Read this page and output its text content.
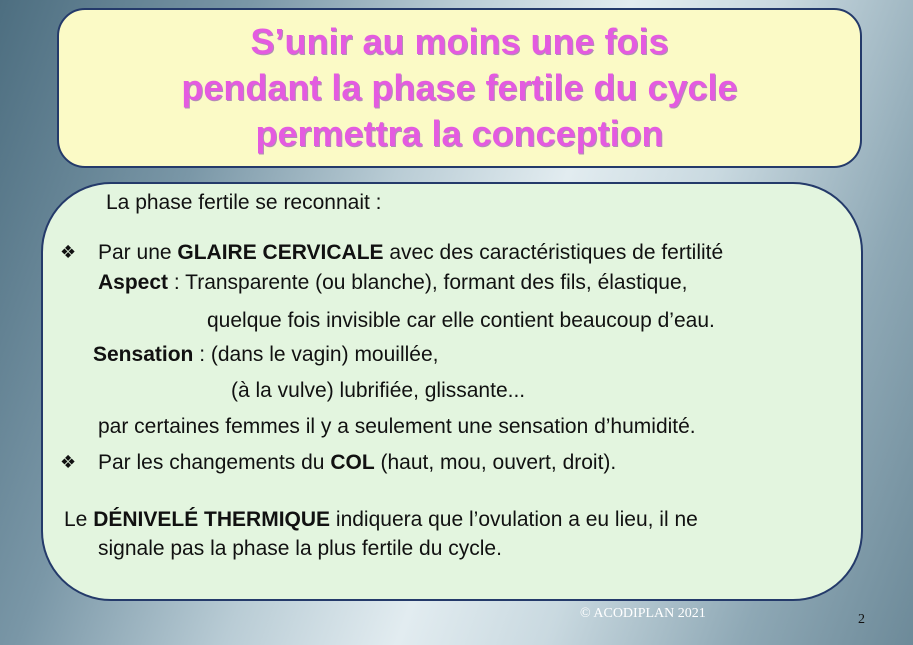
S’unir au moins une fois
pendant la phase fertile du cycle
permettra la conception
La phase fertile se reconnait :
❖ Par une GLAIRE CERVICALE avec des caractéristiques de fertilité
Aspect : Transparente (ou blanche), formant des fils, élastique,
quelque fois invisible car elle contient beaucoup d’eau.
Sensation : (dans le vagin) mouillée,
(à la vulve) lubrifiée, glissante...
par certaines femmes il y a seulement une sensation d’humidité.
❖ Par les changements du COL (haut, mou, ouvert, droit).
Le DÉNIVELÉ THERMIQUE indiquera que l’ovulation a eu lieu, il ne
signale pas la phase la plus fertile du cycle.
© ACODIPLAN 2021	2
